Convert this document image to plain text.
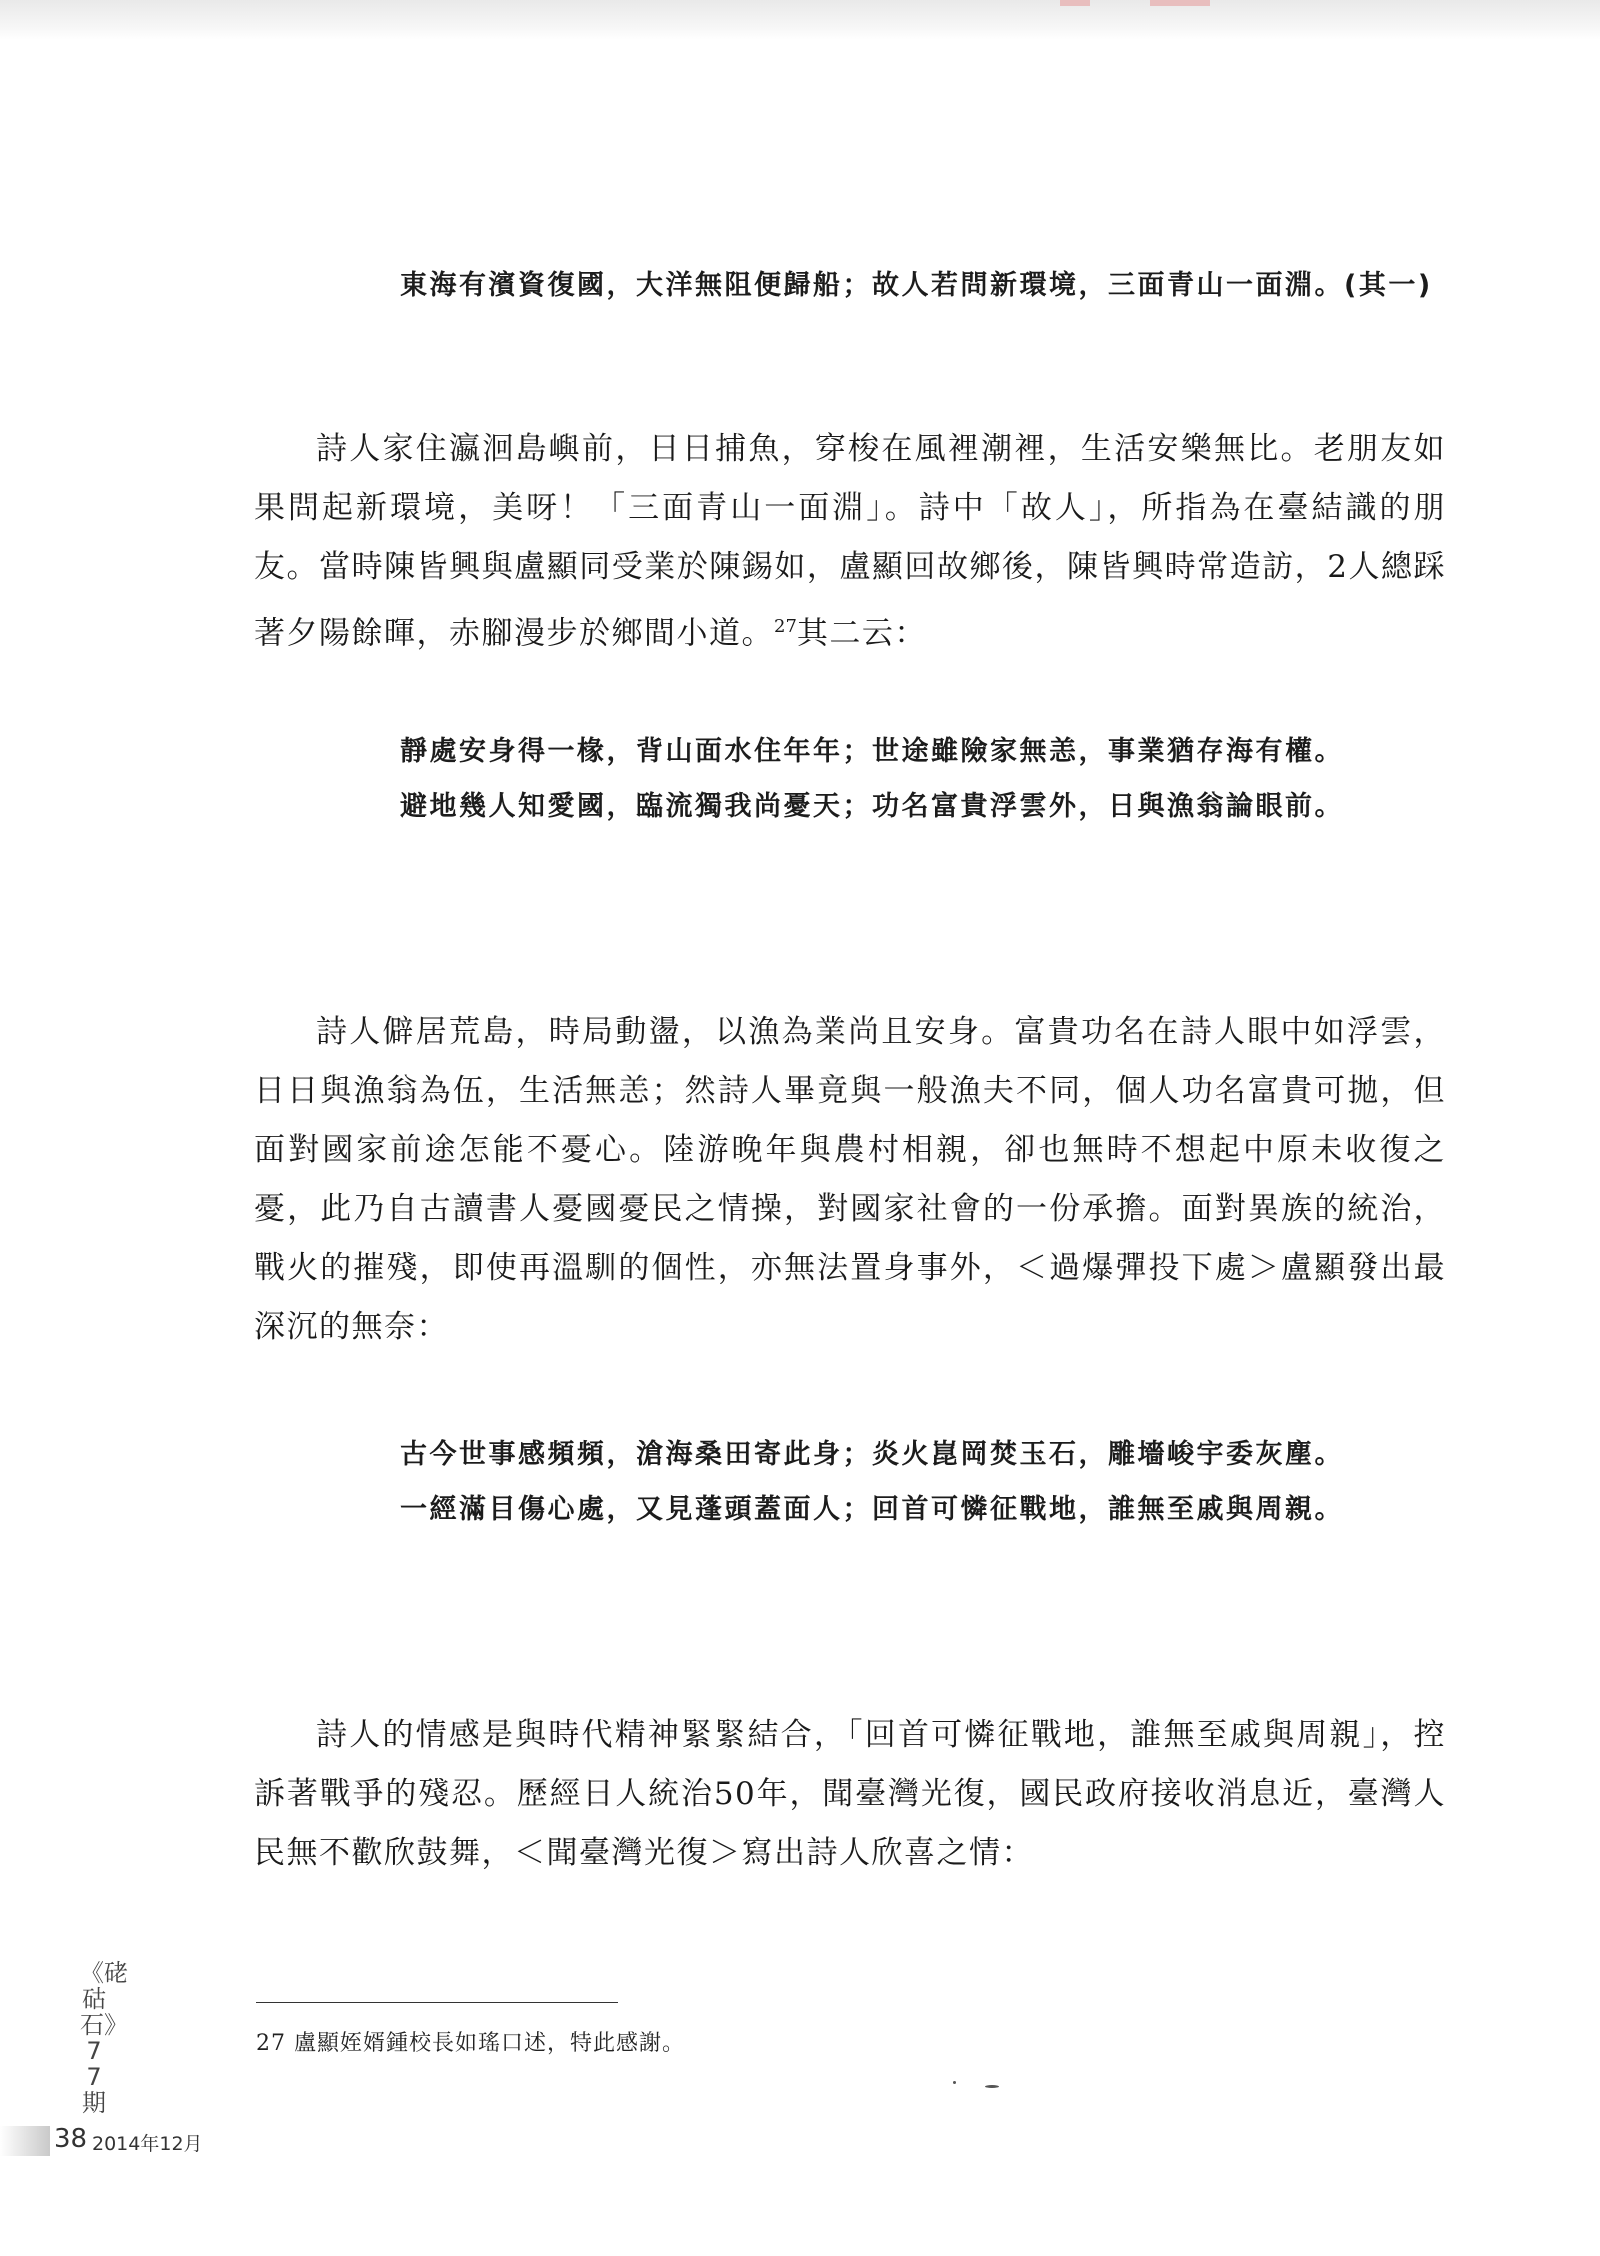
東海有濱資復國，大洋無阻便歸船；故人若問新環境，三面青山一面淵。(其一)

詩人家住瀛洄島嶼前，日日捕魚，穿梭在風裡潮裡，生活安樂無比。老朋友如果問起新環境，美呀！「三面青山一面淵」。詩中「故人」，所指為在臺結識的朋友。當時陳皆興與盧顯同受業於陳錫如，盧顯回故鄉後，陳皆興時常造訪，2人總踩著夕陽餘暉，赤腳漫步於鄉間小道。$^{27}$其二云：

靜處安身得一椽，背山面水住年年；世途雖險家無恙，事業猶存海有權。

避地幾人知愛國，臨流獨我尚憂天；功名富貴浮雲外，日與漁翁論眼前。

詩人僻居荒島，時局動盪，以漁為業尚且安身。富貴功名在詩人眼中如浮雲，日日與漁翁為伍，生活無恙；然詩人畢竟與一般漁夫不同，個人功名富貴可拋，但面對國家前途怎能不憂心。陸游晚年與農村相親，卻也無時不想起中原未收復之憂，此乃自古讀書人憂國憂民之情操，對國家社會的一份承擔。面對異族的統治，戰火的摧殘，即使再溫馴的個性，亦無法置身事外，＜過爆彈投下處＞盧顯發出最深沉的無奈：

古今世事感頻頻，滄海桑田寄此身；炎火崑岡焚玉石，雕墻峻宇委灰塵。

一經滿目傷心處，又見蓬頭蓋面人；回首可憐征戰地，誰無至戚與周親。

詩人的情感是與時代精神緊緊結合，「回首可憐征戰地，誰無至戚與周親」，控訴著戰爭的殘忍。歷經日人統治50年，聞臺灣光復，國民政府接收消息近，臺灣人民無不歡欣鼓舞，＜聞臺灣光復＞寫出詩人欣喜之情：

27 盧顯姪婿鍾校長如瑤口述，特此感謝。

《硓𥑮石》77期
38 2014年12月
